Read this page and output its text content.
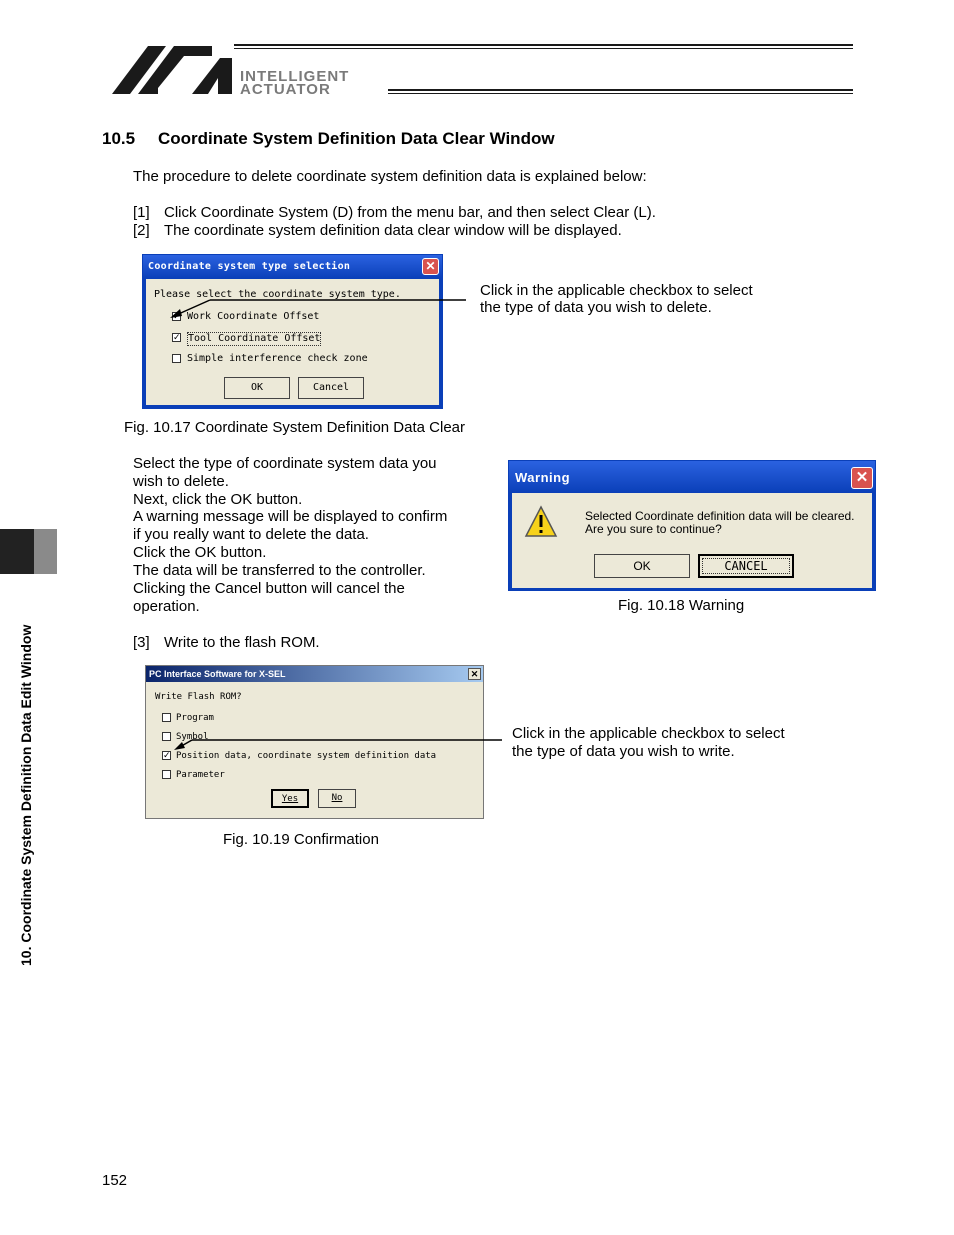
INTELLIGENT
ACTUATOR
10. Coordinate System Definition Data Edit Window
10.5 Coordinate System Definition Data Clear Window
The procedure to delete coordinate system definition data is explained below:
[1] Click Coordinate System (D) from the menu bar, and then select Clear (L).
[2] The coordinate system definition data clear window will be displayed.
Coordinate system type selection	✕
Please select the coordinate system type.
Work Coordinate Offset
✓ Tool Coordinate Offset
Simple interference check zone
OK	Cancel
Click in the applicable checkbox to select
the type of data you wish to delete.
Fig. 10.17 Coordinate System Definition Data Clear
Select the type of coordinate system data you
wish to delete.
Next, click the OK button.
A warning message will be displayed to confirm
if you really want to delete the data.
Click the OK button.
The data will be transferred to the controller.
Clicking the Cancel button will cancel the
operation.
Warning	✕
Selected Coordinate definition data will be cleared.
Are you sure to continue?
OK	CANCEL
Fig. 10.18 Warning
[3] Write to the flash ROM.
PC Interface Software for X-SEL	✕
Write Flash ROM?
Program
Symbol
✓ Position data, coordinate system definition data
Parameter
Yes	No
Click in the applicable checkbox to select
the type of data you wish to write.
Fig. 10.19 Confirmation
152
